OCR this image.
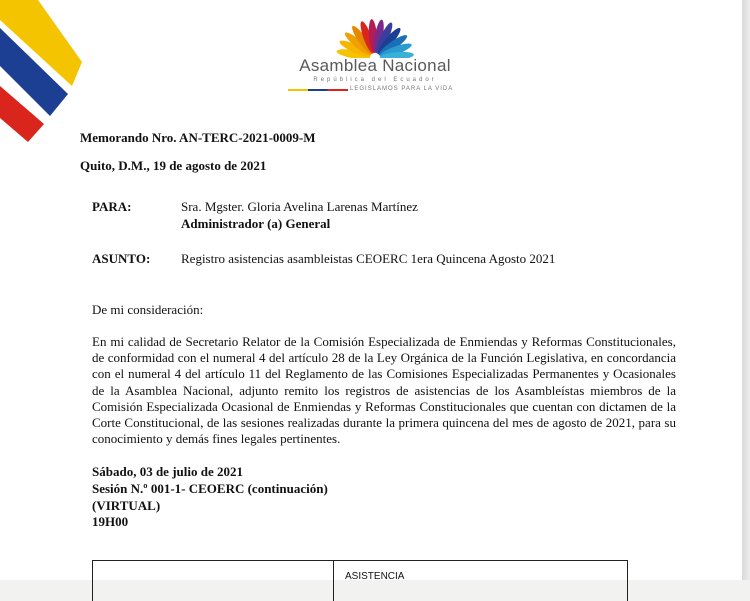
Asamblea Nacional
República del Ecuador
LEGISLAMOS PARA LA VIDA
Memorando Nro. AN-TERC-2021-0009-M
Quito, D.M., 19 de agosto de 2021
PARA:	Sra. Mgster. Gloria Avelina Larenas Martínez
Administrador (a) General
ASUNTO: Registro asistencias asambleistas CEOERC 1era Quincena Agosto 2021
De mi consideración:
En mi calidad de Secretario Relator de la Comisión Especializada de Enmiendas y Reformas Constitucionales, de conformidad con el numeral 4 del artículo 28 de la Ley Orgánica de la Función Legislativa, en concordancia con el numeral 4 del artículo 11 del Reglamento de las Comisiones Especializadas Permanentes y Ocasionales de la Asamblea Nacional, adjunto remito los registros de asistencias de los Asambleístas miembros de la Comisión Especializada Ocasional de Enmiendas y Reformas Constitucionales que cuentan con dictamen de la Corte Constitucional, de las sesiones realizadas durante la primera quincena del mes de agosto de 2021, para su conocimiento y demás fines legales pertinentes.
Sábado, 03 de julio de 2021
Sesión N.º 001-1- CEOERC (continuación)
(VIRTUAL)
19H00
ASISTENCIA
